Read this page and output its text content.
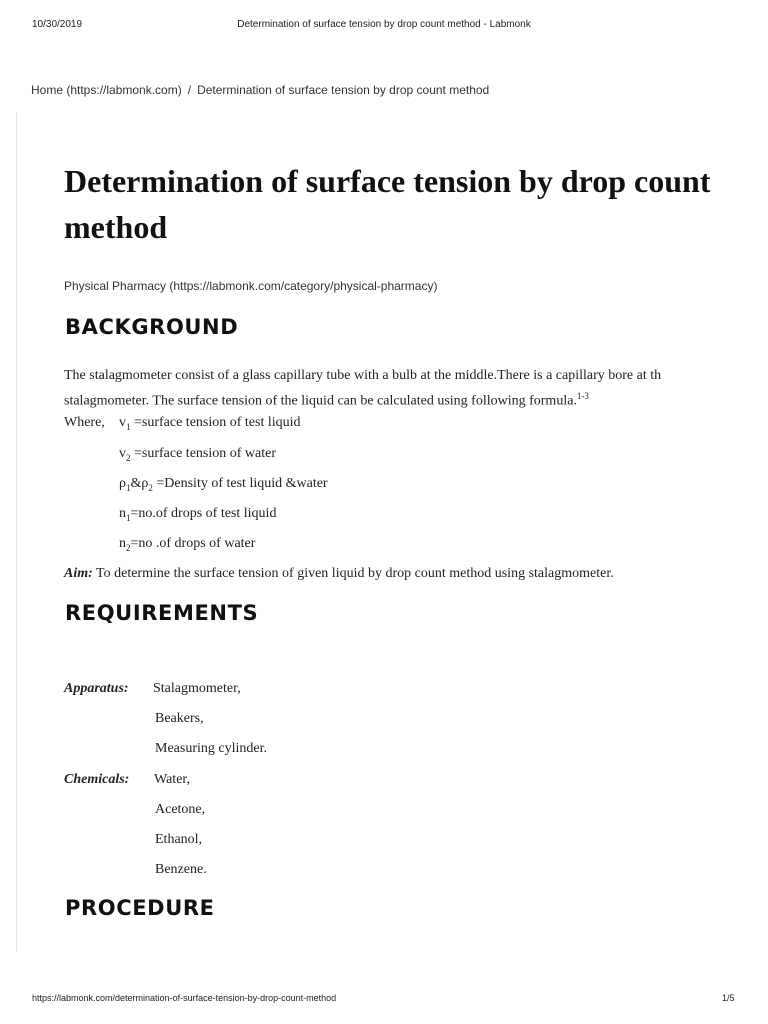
10/30/2019	Determination of surface tension by drop count method - Labmonk
Home (https://labmonk.com) / Determination of surface tension by drop count method
Determination of surface tension by drop count
method
Physical Pharmacy (https://labmonk.com/category/physical-pharmacy)
BACKGROUND
The stalagmometer consist of a glass capillary tube with a bulb at the middle.There is a capillary bore at th
stalagmometer. The surface tension of the liquid can be calculated using following formula.$^{1-3}$
Where, $v_1$ =surface tension of test liquid
$v_2$ =surface tension of water
$\rho_1\&\rho_2$ =Density of test liquid &water
$n_1=no.of$ drops of test liquid
$n_2=no$ .of drops of water
Aim: To determine the surface tension of given liquid by drop count method using stalagmometer.
REQUIREMENTS
Apparatus: Stalagmometer,
Beakers,
Measuring cylinder.
Chemicals: Water,
Acetone,
Ethanol,
Benzene.
PROCEDURE
https://labmonk.com/determination-of-surface-tension-by-drop-count-method	1/5
